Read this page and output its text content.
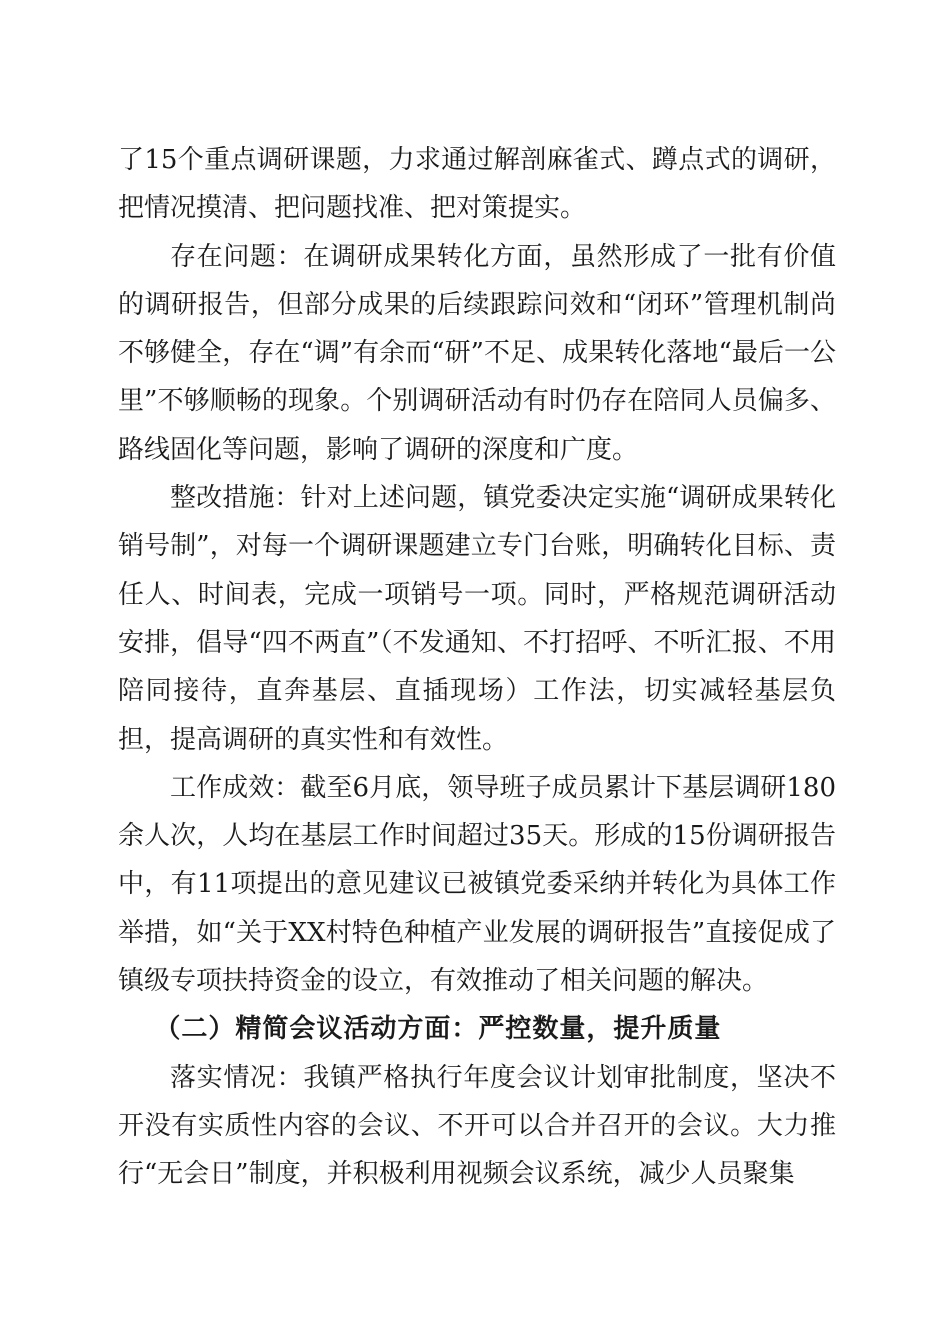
了15个重点调研课题，力求通过解剖麻雀式、蹲点式的调研，把情况摸清、把问题找准、把对策提实。

存在问题：在调研成果转化方面，虽然形成了一批有价值的调研报告，但部分成果的后续跟踪问效和“闭环”管理机制尚不够健全，存在“调”有余而“研”不足、成果转化落地“最后一公里”不够顺畅的现象。个别调研活动有时仍存在陪同人员偏多、路线固化等问题，影响了调研的深度和广度。

整改措施：针对上述问题，镇党委决定实施“调研成果转化销号制”，对每一个调研课题建立专门台账，明确转化目标、责任人、时间表，完成一项销号一项。同时，严格规范调研活动安排，倡导“四不两直”（不发通知、不打招呼、不听汇报、不用陪同接待，直奔基层、直插现场）工作法，切实减轻基层负担，提高调研的真实性和有效性。

工作成效：截至6月底，领导班子成员累计下基层调研180余人次，人均在基层工作时间超过35天。形成的15份调研报告中，有11项提出的意见建议已被镇党委采纳并转化为具体工作举措，如“关于XX村特色种植产业发展的调研报告”直接促成了镇级专项扶持资金的设立，有效推动了相关问题的解决。

（二）精简会议活动方面：严控数量，提升质量

落实情况：我镇严格执行年度会议计划审批制度，坚决不开没有实质性内容的会议、不开可以合并召开的会议。大力推行“无会日”制度，并积极利用视频会议系统，减少人员聚集
